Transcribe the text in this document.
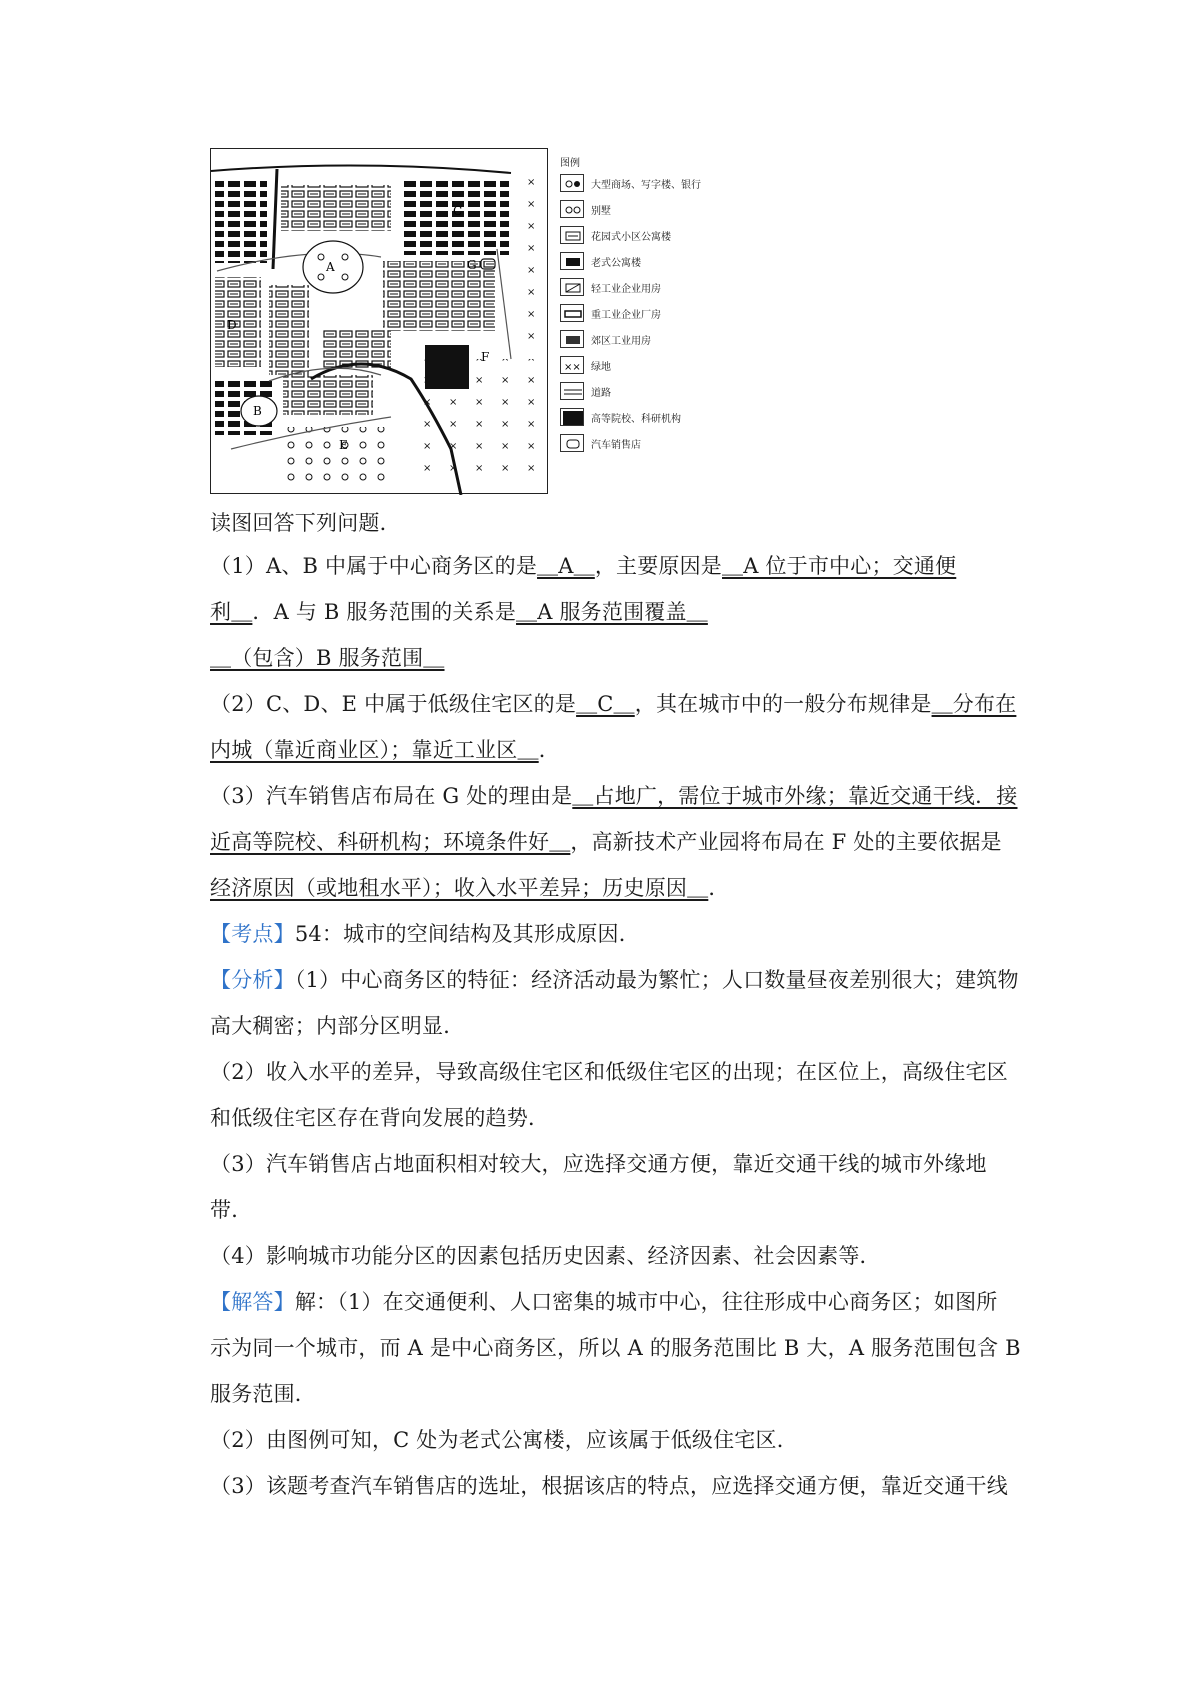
A
B
C
D
E
F
G
图例
大型商场、写字楼、银行
别墅
花园式小区公寓楼
老式公寓楼
轻工业企业用房
重工业企业厂房
郊区工业用房
×× 绿地
道路
高等院校、科研机构
汽车销售店
读图回答下列问题．
（1）A、B 中属于中心商务区的是＿A＿，主要原因是＿A 位于市中心；交通便
利＿．A 与 B 服务范围的关系是＿A 服务范围覆盖＿
＿（包含）B 服务范围＿
（2）C、D、E 中属于低级住宅区的是＿C＿，其在城市中的一般分布规律是＿分布在
内城（靠近商业区）；靠近工业区＿．
（3）汽车销售店布局在 G 处的理由是＿占地广，需位于城市外缘；靠近交通干线．接
近高等院校、科研机构；环境条件好＿，高新技术产业园将布局在 F 处的主要依据是
经济原因（或地租水平）；收入水平差异；历史原因＿．
【考点】54：城市的空间结构及其形成原因．
【分析】（1）中心商务区的特征：经济活动最为繁忙；人口数量昼夜差别很大；建筑物
高大稠密；内部分区明显．
（2）收入水平的差异，导致高级住宅区和低级住宅区的出现；在区位上，高级住宅区
和低级住宅区存在背向发展的趋势．
（3）汽车销售店占地面积相对较大，应选择交通方便，靠近交通干线的城市外缘地
带．
（4）影响城市功能分区的因素包括历史因素、经济因素、社会因素等．
【解答】解：（1）在交通便利、人口密集的城市中心，往往形成中心商务区；如图所
示为同一个城市，而 A 是中心商务区，所以 A 的服务范围比 B 大，A 服务范围包含 B
服务范围．
（2）由图例可知，C 处为老式公寓楼，应该属于低级住宅区．
（3）该题考查汽车销售店的选址，根据该店的特点，应选择交通方便，靠近交通干线
